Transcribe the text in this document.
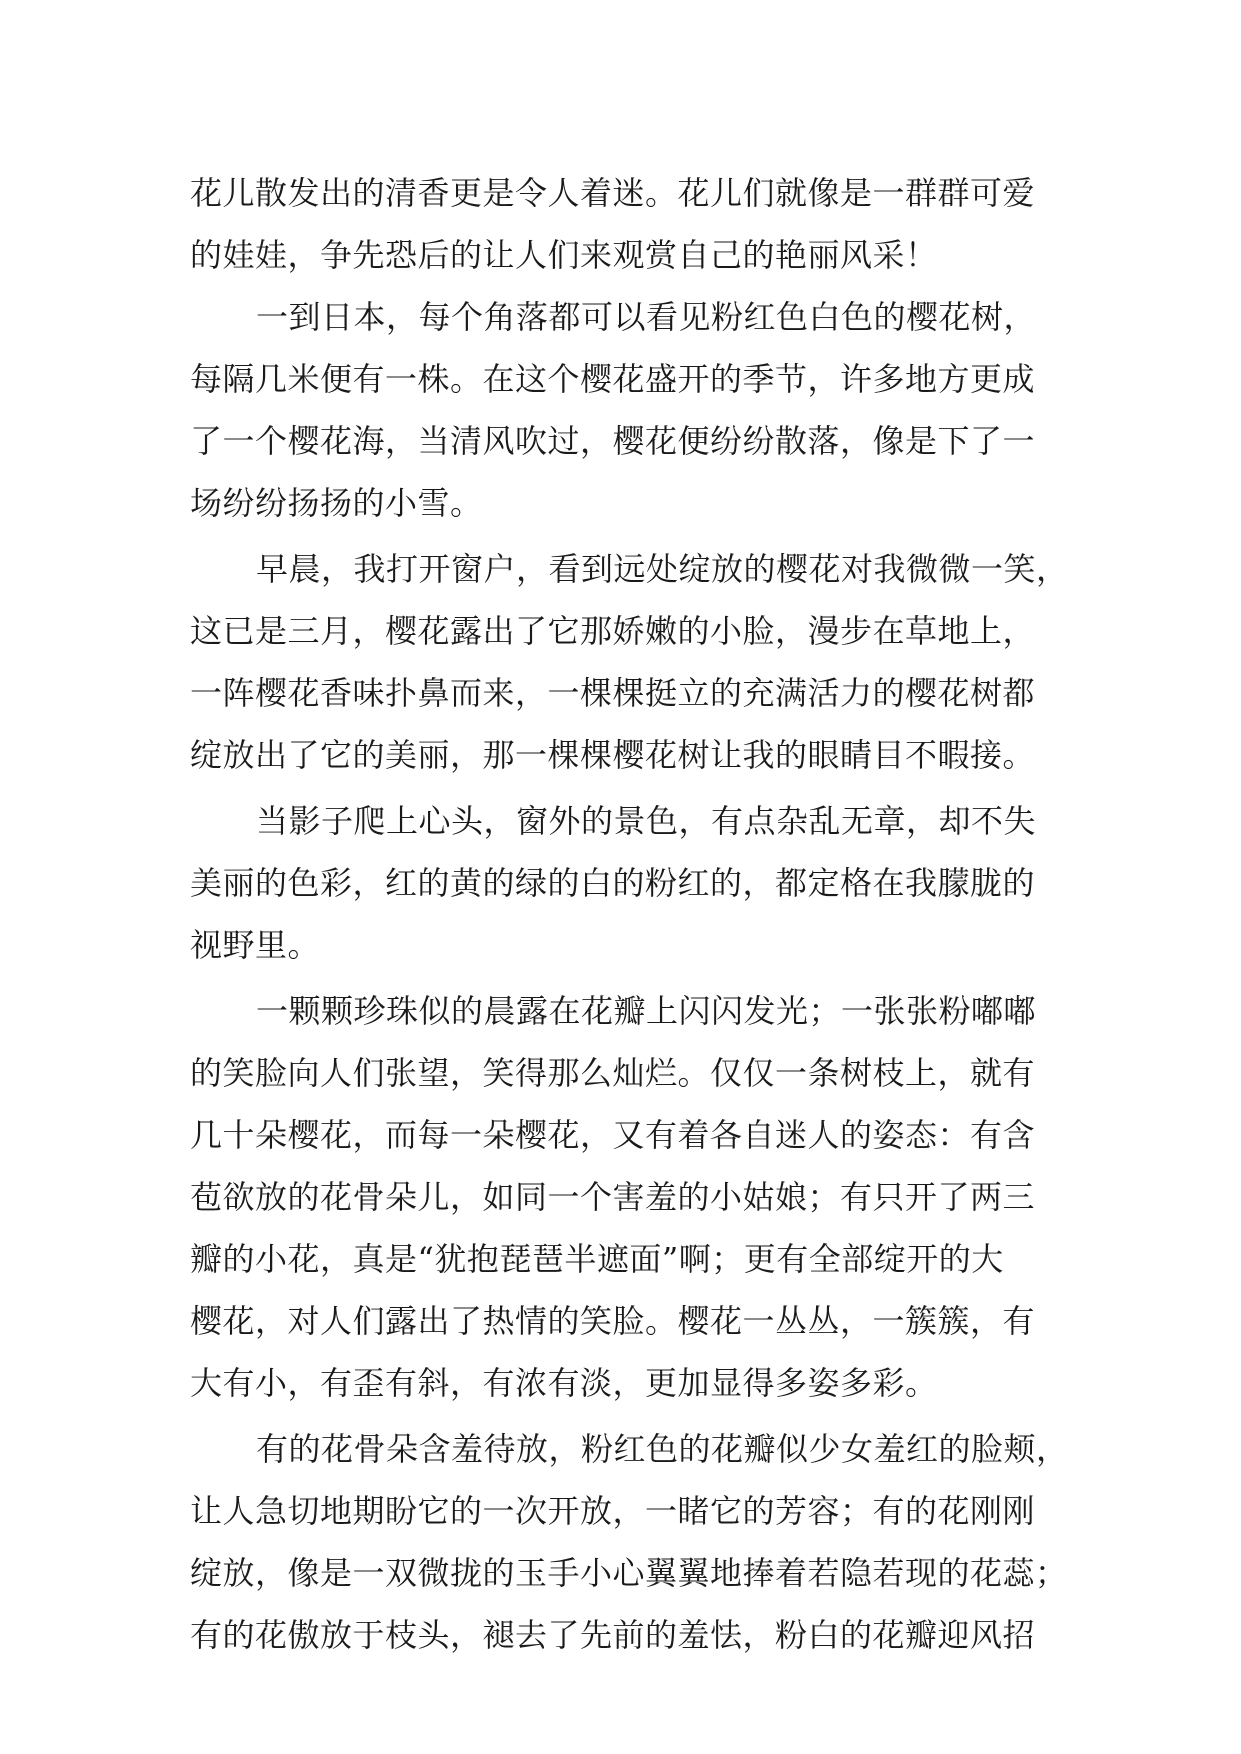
花儿散发出的清香更是令人着迷。花儿们就像是一群群可爱
的娃娃，争先恐后的让人们来观赏自己的艳丽风采！
一到日本，每个角落都可以看见粉红色白色的樱花树，
每隔几米便有一株。在这个樱花盛开的季节，许多地方更成
了一个樱花海，当清风吹过，樱花便纷纷散落，像是下了一
场纷纷扬扬的小雪。
早晨，我打开窗户，看到远处绽放的樱花对我微微一笑，
这已是三月，樱花露出了它那娇嫩的小脸，漫步在草地上，
一阵樱花香味扑鼻而来，一棵棵挺立的充满活力的樱花树都
绽放出了它的美丽，那一棵棵樱花树让我的眼睛目不暇接。
当影子爬上心头，窗外的景色，有点杂乱无章，却不失
美丽的色彩，红的黄的绿的白的粉红的，都定格在我朦胧的
视野里。
一颗颗珍珠似的晨露在花瓣上闪闪发光；一张张粉嘟嘟
的笑脸向人们张望，笑得那么灿烂。仅仅一条树枝上，就有
几十朵樱花，而每一朵樱花，又有着各自迷人的姿态：有含
苞欲放的花骨朵儿，如同一个害羞的小姑娘；有只开了两三
瓣的小花，真是“犹抱琵琶半遮面”啊；更有全部绽开的大
樱花，对人们露出了热情的笑脸。樱花一丛丛，一簇簇，有
大有小，有歪有斜，有浓有淡，更加显得多姿多彩。
有的花骨朵含羞待放，粉红色的花瓣似少女羞红的脸颊，
让人急切地期盼它的一次开放，一睹它的芳容；有的花刚刚
绽放，像是一双微拢的玉手小心翼翼地捧着若隐若现的花蕊；
有的花傲放于枝头，褪去了先前的羞怯，粉白的花瓣迎风招
